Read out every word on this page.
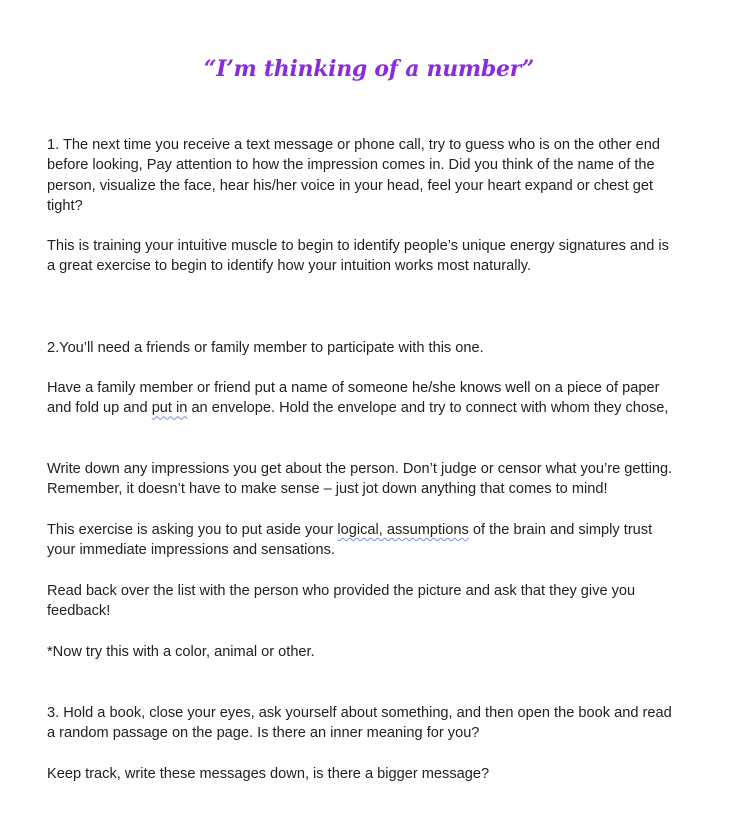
“I’m thinking of a number”

1. The next time you receive a text message or phone call, try to guess who is on the other end before looking, Pay attention to how the impression comes in. Did you think of the name of the person, visualize the face, hear his/her voice in your head, feel your heart expand or chest get tight?

This is training your intuitive muscle to begin to identify people’s unique energy signatures and is a great exercise to begin to identify how your intuition works most naturally.

2.You’ll need a friends or family member to participate with this one.

Have a family member or friend put a name of someone he/she knows well on a piece of paper and fold up and put in an envelope. Hold the envelope and try to connect with whom they chose,

Write down any impressions you get about the person. Don’t judge or censor what you’re getting. Remember, it doesn’t have to make sense – just jot down anything that comes to mind!

This exercise is asking you to put aside your logical, assumptions of the brain and simply trust your immediate impressions and sensations.

Read back over the list with the person who provided the picture and ask that they give you feedback!

*Now try this with a color, animal or other.

3. Hold a book, close your eyes, ask yourself about something, and then open the book and read a random passage on the page. Is there an inner meaning for you?

Keep track, write these messages down, is there a bigger message?
